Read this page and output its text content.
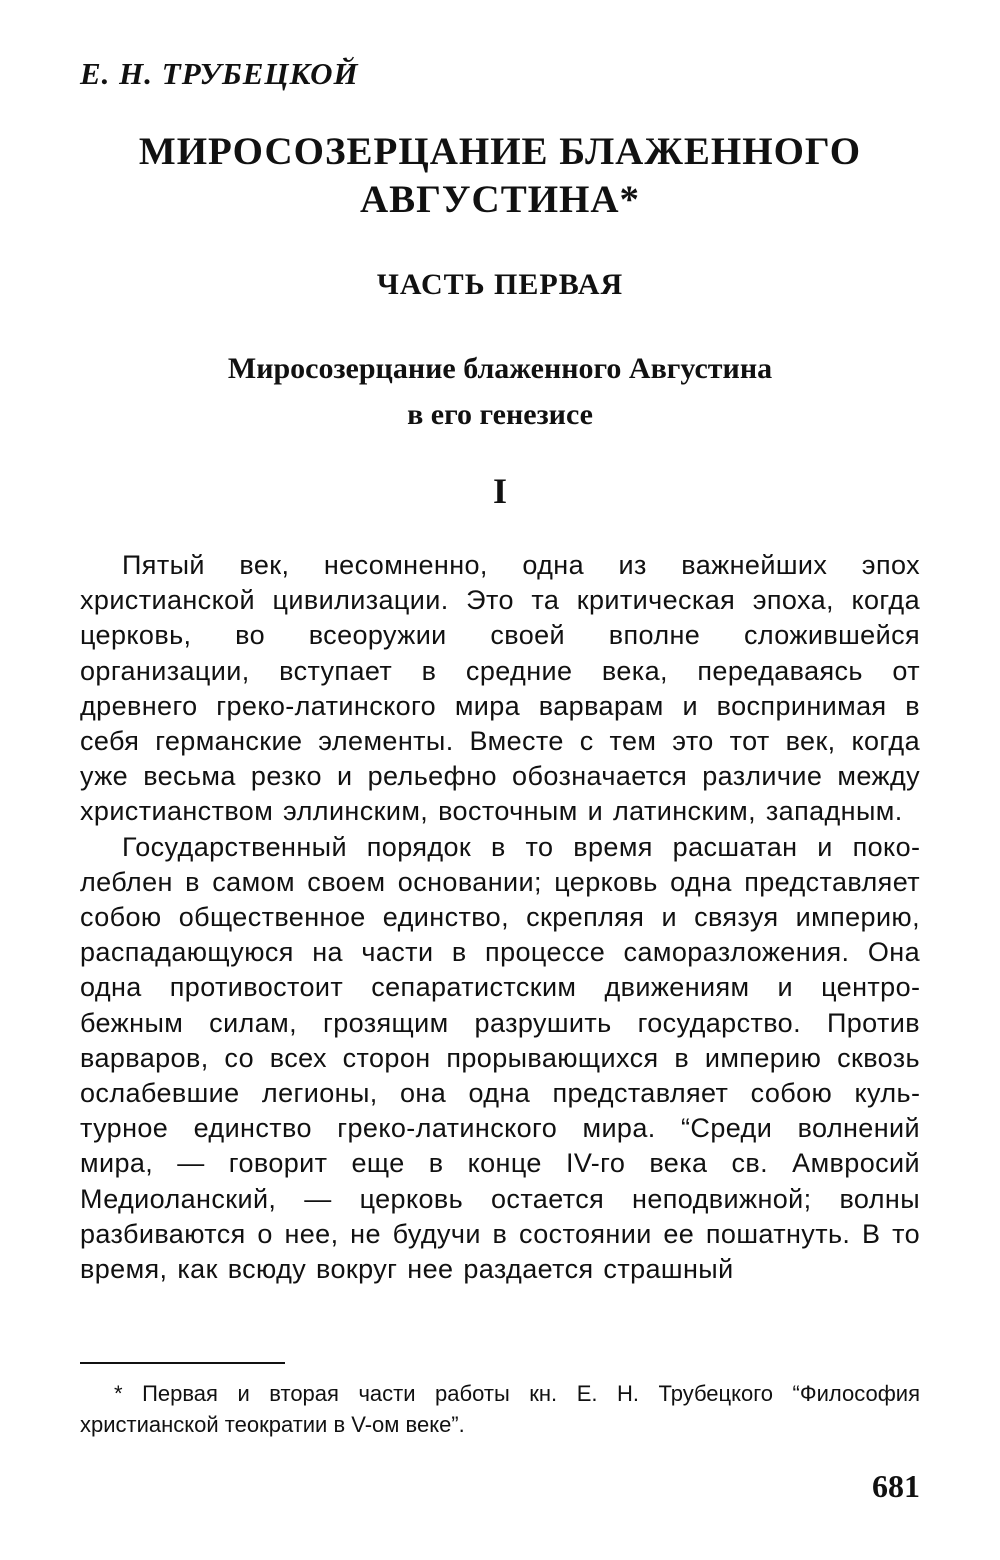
Е. Н. ТРУБЕЦКОЙ

МИРОСОЗЕРЦАНИЕ БЛАЖЕННОГО
АВГУСТИНА*
ЧАСТЬ ПЕРВАЯ
Миросозерцание блаженного Августина
в его генезисе
I

Пятый век, несомненно, одна из важнейших эпох христианской цивилизации. Это та критическая эпоха, когда церковь, во всеоружии своей вполне сложившейся организации, вступает в средние века, передаваясь от древнего греко-латинского мира варварам и воспринимая в себя германские элементы. Вместе с тем это тот век, когда уже весьма резко и рельефно обозначается различие между христианством эллинским, восточным и латинским, западным.

Государственный порядок в то время расшатан и поколеблен в самом своем основании; церковь одна представляет собою общественное единство, скрепляя и связуя империю, распадающуюся на части в процессе саморазложения. Она одна противостоит сепаратистским движениям и центробежным силам, грозящим разрушить государство. Против варваров, со всех сторон прорывающихся в империю сквозь ослабевшие легионы, она одна представляет собою культурное единство греко-латинского мира. “Среди волнений мира, — говорит еще в конце IV-го века св. Амвросий Медиоланский, — церковь остается неподвижной; волны разбиваются о нее, не будучи в состоянии ее пошатнуть. В то время, как всюду вокруг нее раздается страшный

* Первая и вторая части работы кн. Е. Н. Трубецкого “Философия христианской теократии в V-ом веке”.

681
